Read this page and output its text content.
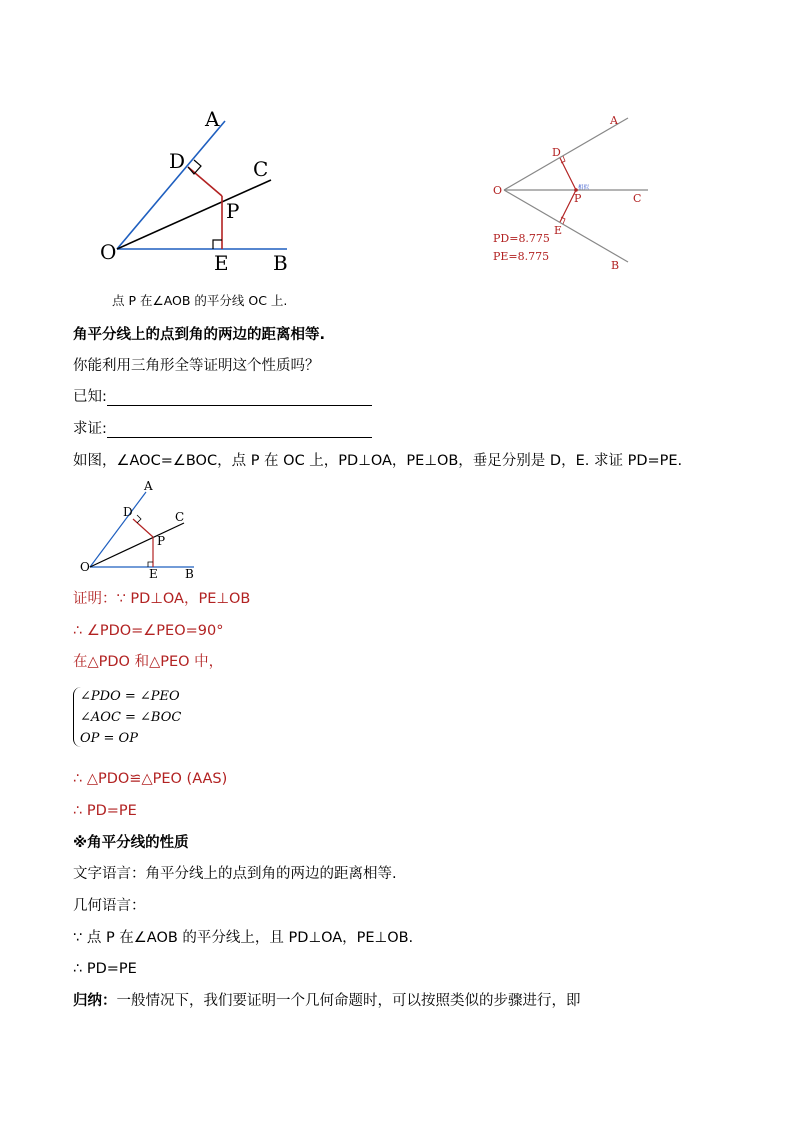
A
D	C
P
O	E B
A
D
O	相似
P	C
E
B
PD=8.775
PE=8.775
点 P 在∠AOB 的平分线 OC 上.
角平分线上的点到角的两边的距离相等.
你能利用三角形全等证明这个性质吗？
已知:
求证:
如图，∠AOC=∠BOC，点 P 在 OC 上，PD⊥OA，PE⊥OB，垂足分别是 D，E. 求证 PD=PE.
A
D	C
P
O	E B
证明：∵ PD⊥OA，PE⊥OB
∴ ∠PDO=∠PEO=90°
在△PDO 和△PEO 中，
∠PDO = ∠PEO
∠AOC = ∠BOC
OP = OP
∴ △PDO≌△PEO (AAS)
∴ PD=PE
※角平分线的性质
文字语言：角平分线上的点到角的两边的距离相等.
几何语言：
∵ 点 P 在∠AOB 的平分线上，且 PD⊥OA，PE⊥OB.
∴ PD=PE
归纳：一般情况下，我们要证明一个几何命题时，可以按照类似的步骤进行，即
